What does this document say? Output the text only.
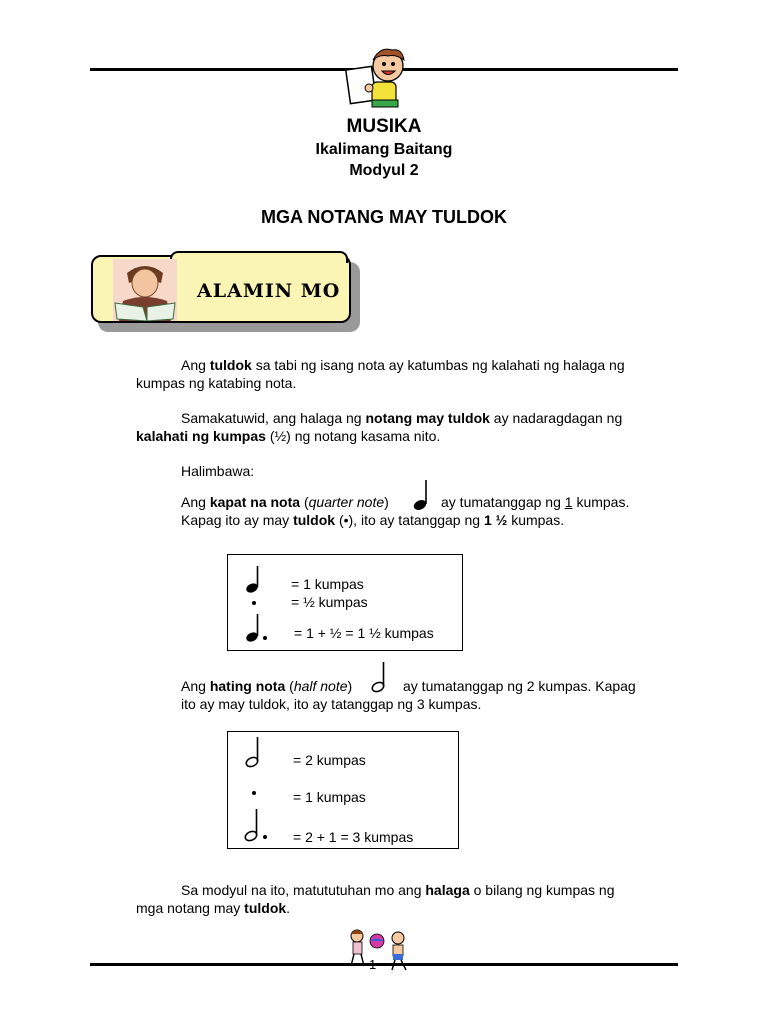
MUSIKA
Ikalimang Baitang
Modyul 2
MGA NOTANG MAY TULDOK
ALAMIN MO
Ang tuldok sa tabi ng isang nota ay katumbas ng kalahati ng halaga ng
kumpas ng katabing nota.
Samakatuwid, ang halaga ng notang may tuldok ay nadaragdagan ng
kalahati ng kumpas (½) ng notang kasama nito.
Halimbawa:
Ang kapat na nota (quarter note)	ay tumatanggap ng 1 kumpas.
Kapag ito ay may tuldok (•), ito ay tatanggap ng 1 ½ kumpas.
= 1 kumpas
= ½ kumpas
= 1 + ½ = 1 ½ kumpas
Ang hating nota (half note)	ay tumatanggap ng 2 kumpas. Kapag
ito ay may tuldok, ito ay tatanggap ng 3 kumpas.
= 2 kumpas
= 1 kumpas
= 2 + 1 = 3 kumpas
Sa modyul na ito, matututuhan mo ang halaga o bilang ng kumpas ng
mga notang may tuldok.
1
